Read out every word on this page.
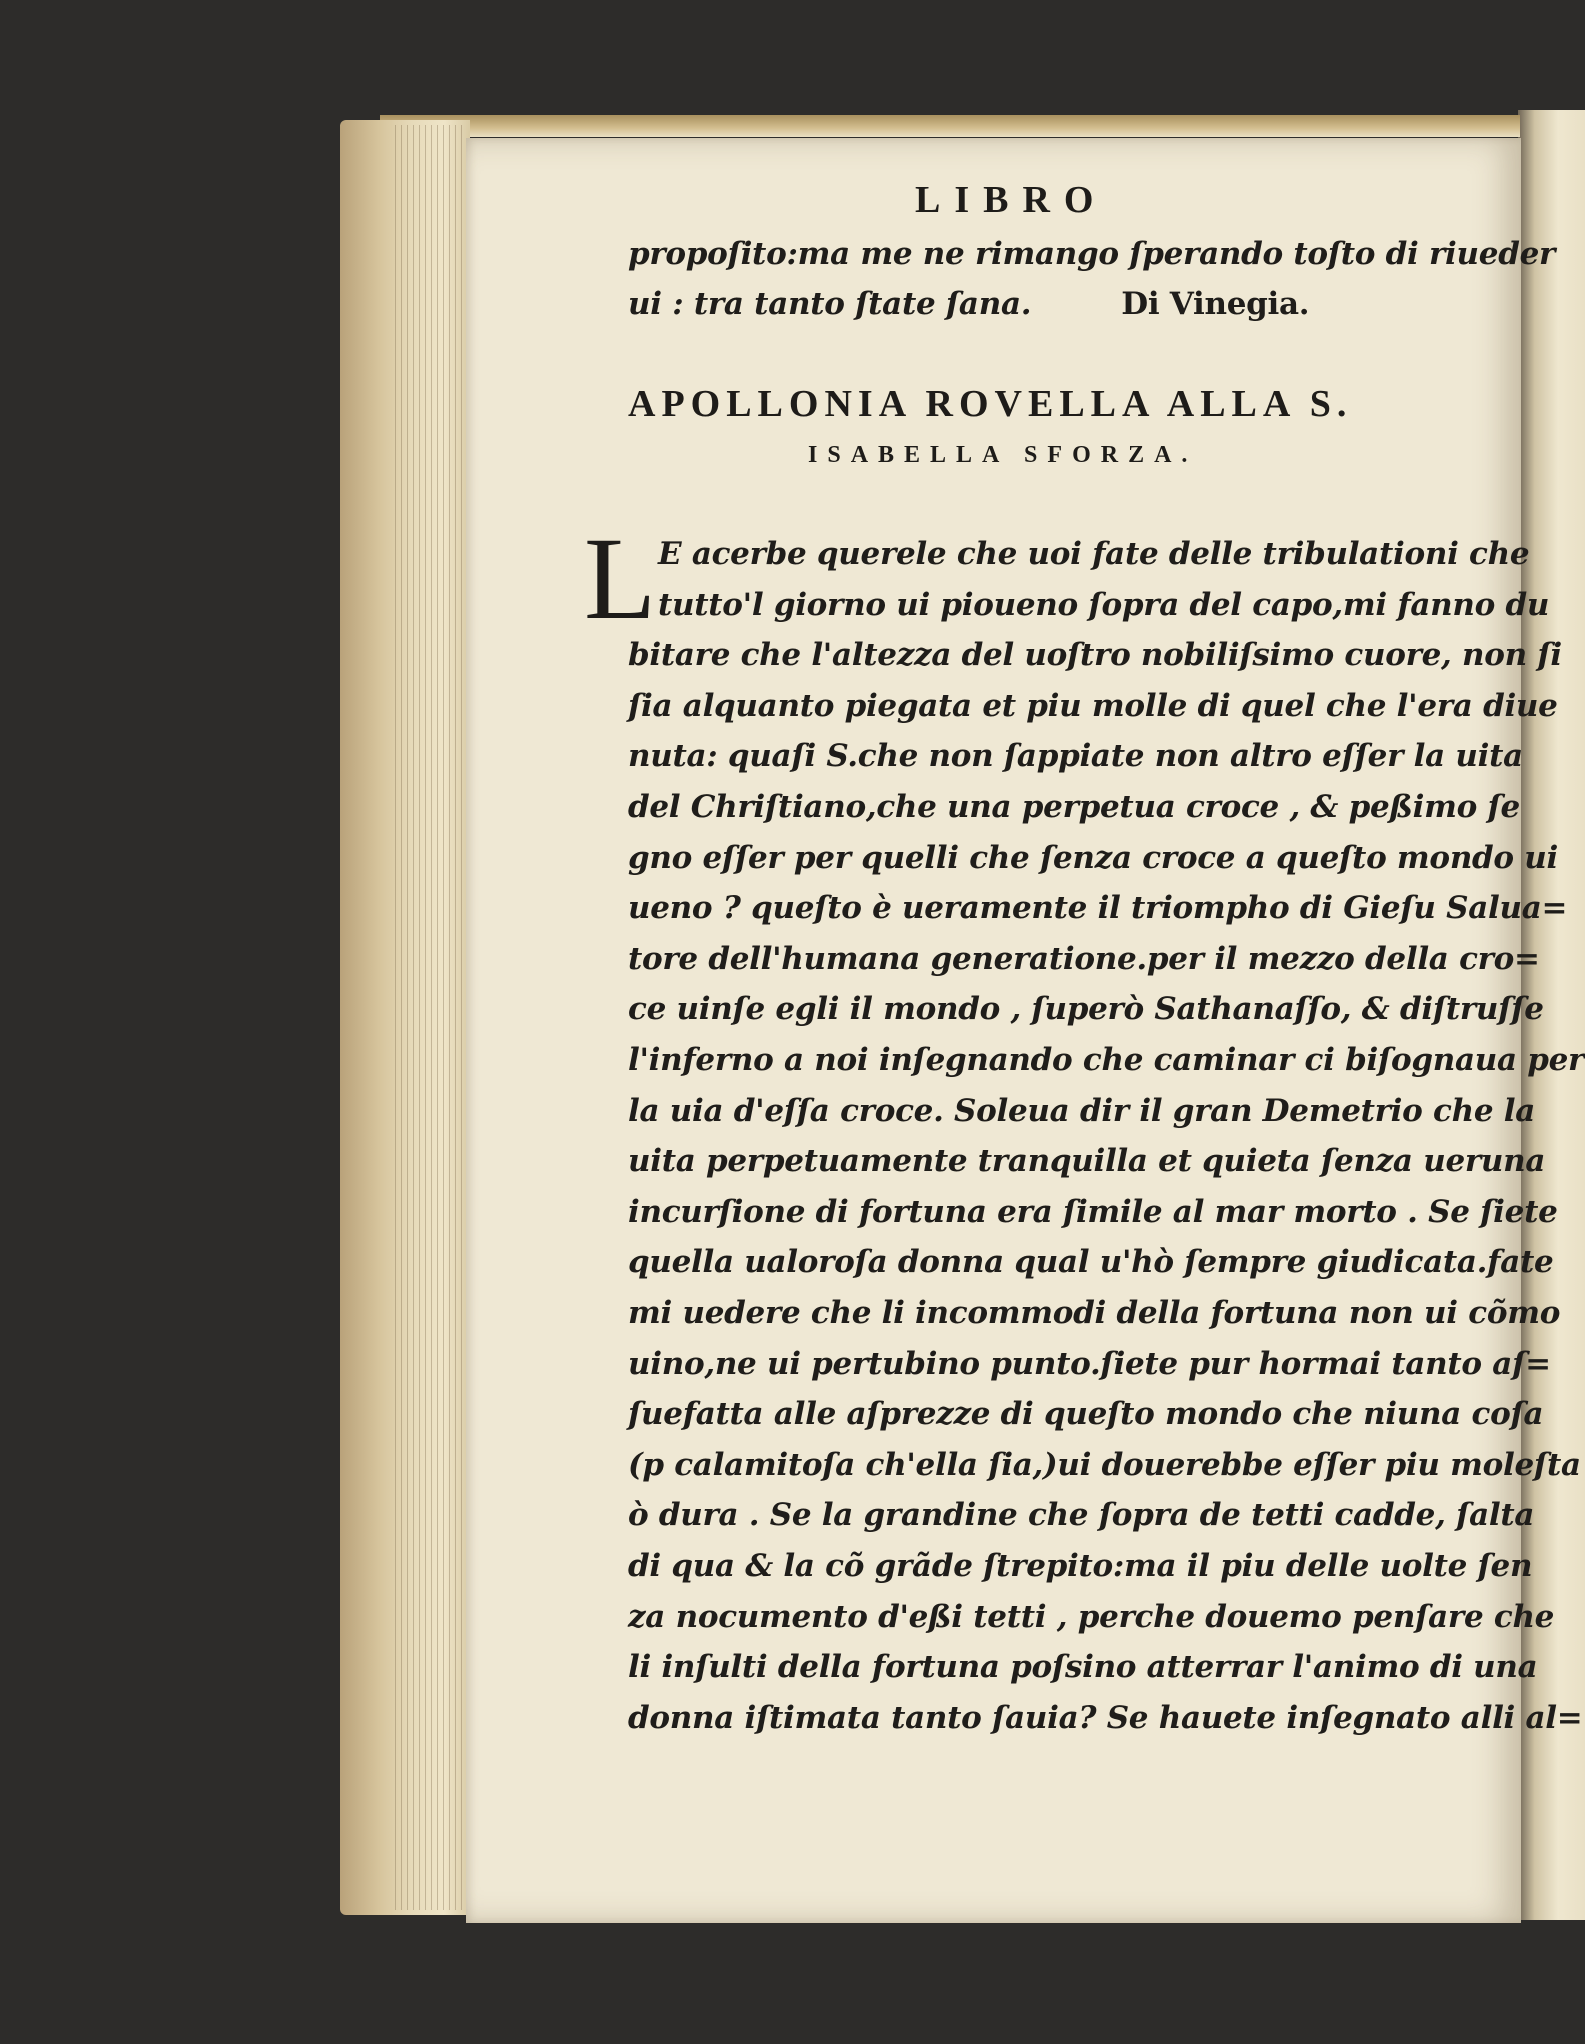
LIBRO
propoſito:ma me ne rimango ſperando toſto di riueder
ui : tra tanto ſtate ſana.	Di Vinegia.
APOLLONIA ROVELLA ALLA S.
ISABELLA SFORZA.
L E acerbe querele che uoi fate delle tribulationi che
tutto'l giorno ui pioueno ſopra del capo,mi fanno du
bitare che l'altezza del uoſtro nobiliſsimo cuore, non ſi
ſia alquanto piegata et piu molle di quel che l'era diue
nuta: quaſi S.che non ſappiate non altro eſſer la uita
del Chriſtiano,che una perpetua croce , & peßimo ſe
gno eſſer per quelli che ſenza croce a queſto mondo ui
ueno ? queſto è ueramente il triompho di Gieſu Salua=
tore dell'humana generatione.per il mezzo della cro=
ce uinſe egli il mondo , ſuperò Sathanaſſo, & diſtruſſe
l'inferno a noi inſegnando che caminar ci biſognaua per
la uia d'eſſa croce. Soleua dir il gran Demetrio che la
uita perpetuamente tranquilla et quieta ſenza ueruna
incurſione di fortuna era ſimile al mar morto . Se ſiete
quella ualoroſa donna qual u'hò ſempre giudicata.fate
mi uedere che li incommodi della fortuna non ui cõmo
uino,ne ui pertubino punto.ſiete pur hormai tanto aſ=
ſuefatta alle aſprezze di queſto mondo che niuna coſa
(p calamitoſa ch'ella ſia,)ui douerebbe eſſer piu moleſta
ò dura . Se la grandine che ſopra de tetti cadde, ſalta
di qua & la cõ grãde ſtrepito:ma il piu delle uolte ſen
za nocumento d'eßi tetti , perche douemo penſare che
li inſulti della fortuna poſsino atterrar l'animo di una
donna iſtimata tanto ſauia? Se hauete inſegnato alli al=
